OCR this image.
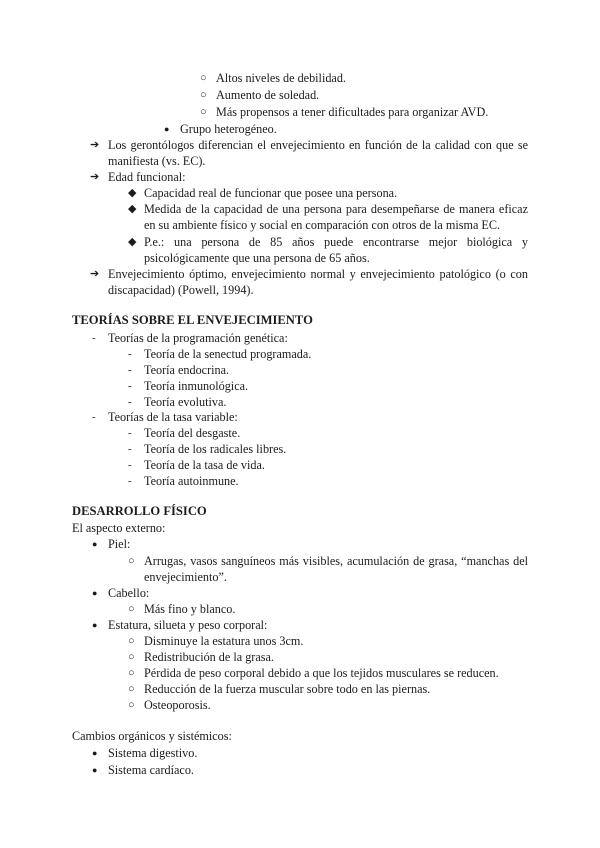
○ Altos niveles de debilidad.
○ Aumento de soledad.
○ Más propensos a tener dificultades para organizar AVD.
● Grupo heterogéneo.
➔ Los gerontólogos diferencian el envejecimiento en función de la calidad con que se
manifiesta (vs. EC).
➔ Edad funcional:
◆ Capacidad real de funcionar que posee una persona.
◆ Medida de la capacidad de una persona para desempeñarse de manera eficaz
en su ambiente físico y social en comparación con otros de la misma EC.
◆ P.e.: una persona de 85 años puede encontrarse mejor biológica y
psicológicamente que una persona de 65 años.
➔ Envejecimiento óptimo, envejecimiento normal y envejecimiento patológico (o con
discapacidad) (Powell, 1994).
TEORÍAS SOBRE EL ENVEJECIMIENTO
- Teorías de la programación genética:
- Teoría de la senectud programada.
- Teoría endocrina.
- Teoría inmunológica.
- Teoría evolutiva.
- Teorías de la tasa variable:
- Teoría del desgaste.
- Teoría de los radicales libres.
- Teoría de la tasa de vida.
- Teoría autoinmune.
DESARROLLO FÍSICO
El aspecto externo:
● Piel:
○ Arrugas, vasos sanguíneos más visibles, acumulación de grasa, “manchas del
envejecimiento”.
● Cabello:
○ Más fino y blanco.
● Estatura, silueta y peso corporal:
○ Disminuye la estatura unos 3cm.
○ Redistribución de la grasa.
○ Pérdida de peso corporal debido a que los tejidos musculares se reducen.
○ Reducción de la fuerza muscular sobre todo en las piernas.
○ Osteoporosis.
Cambios orgánicos y sistémicos:
● Sistema digestivo.
● Sistema cardíaco.
